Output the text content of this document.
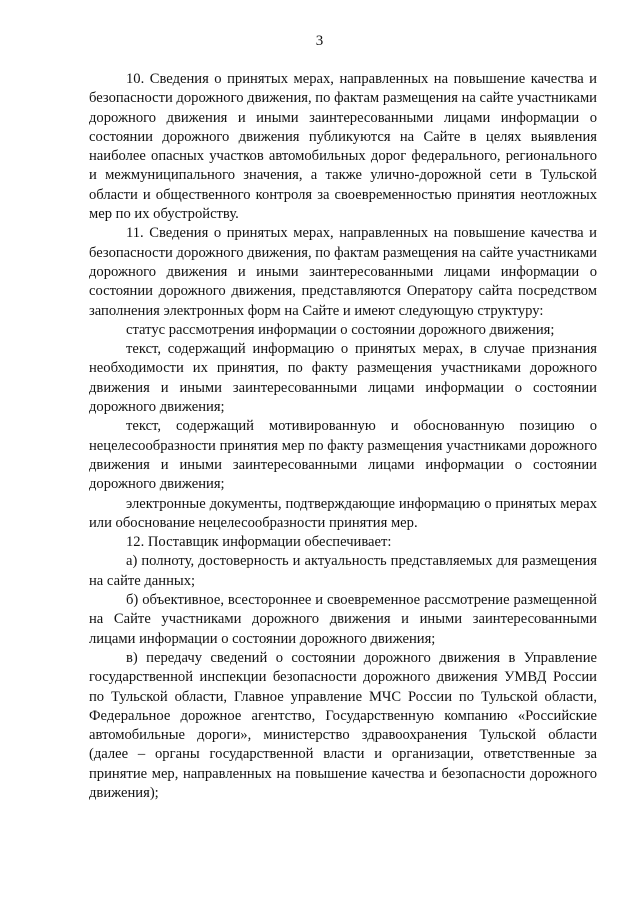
3

10. Сведения о принятых мерах, направленных на повышение качества и безопасности дорожного движения, по фактам размещения на сайте участниками дорожного движения и иными заинтересованными лицами информации о состоянии дорожного движения публикуются на Сайте в целях выявления наиболее опасных участков автомобильных дорог федерального, регионального и межмуниципального значения, а также улично-дорожной сети в Тульской области и общественного контроля за своевременностью принятия неотложных мер по их обустройству.

11. Сведения о принятых мерах, направленных на повышение качества и безопасности дорожного движения, по фактам размещения на сайте участниками дорожного движения и иными заинтересованными лицами информации о состоянии дорожного движения, представляются Оператору сайта посредством заполнения электронных форм на Сайте и имеют следующую структуру:

статус рассмотрения информации о состоянии дорожного движения;

текст, содержащий информацию о принятых мерах, в случае признания необходимости их принятия, по факту размещения участниками дорожного движения и иными заинтересованными лицами информации о состоянии дорожного движения;

текст, содержащий мотивированную и обоснованную позицию о нецелесообразности принятия мер по факту размещения участниками дорожного движения и иными заинтересованными лицами информации о состоянии дорожного движения;

электронные документы, подтверждающие информацию о принятых мерах или обоснование нецелесообразности принятия мер.

12. Поставщик информации обеспечивает:

а) полноту, достоверность и актуальность представляемых для размещения на сайте данных;

б) объективное, всестороннее и своевременное рассмотрение размещенной на Сайте участниками дорожного движения и иными заинтересованными лицами информации о состоянии дорожного движения;

в) передачу сведений о состоянии дорожного движения в Управление государственной инспекции безопасности дорожного движения УМВД России по Тульской области, Главное управление МЧС России по Тульской области, Федеральное дорожное агентство, Государственную компанию «Российские автомобильные дороги», министерство здравоохранения Тульской области (далее – органы государственной власти и организации, ответственные за принятие мер, направленных на повышение качества и безопасности дорожного движения);
